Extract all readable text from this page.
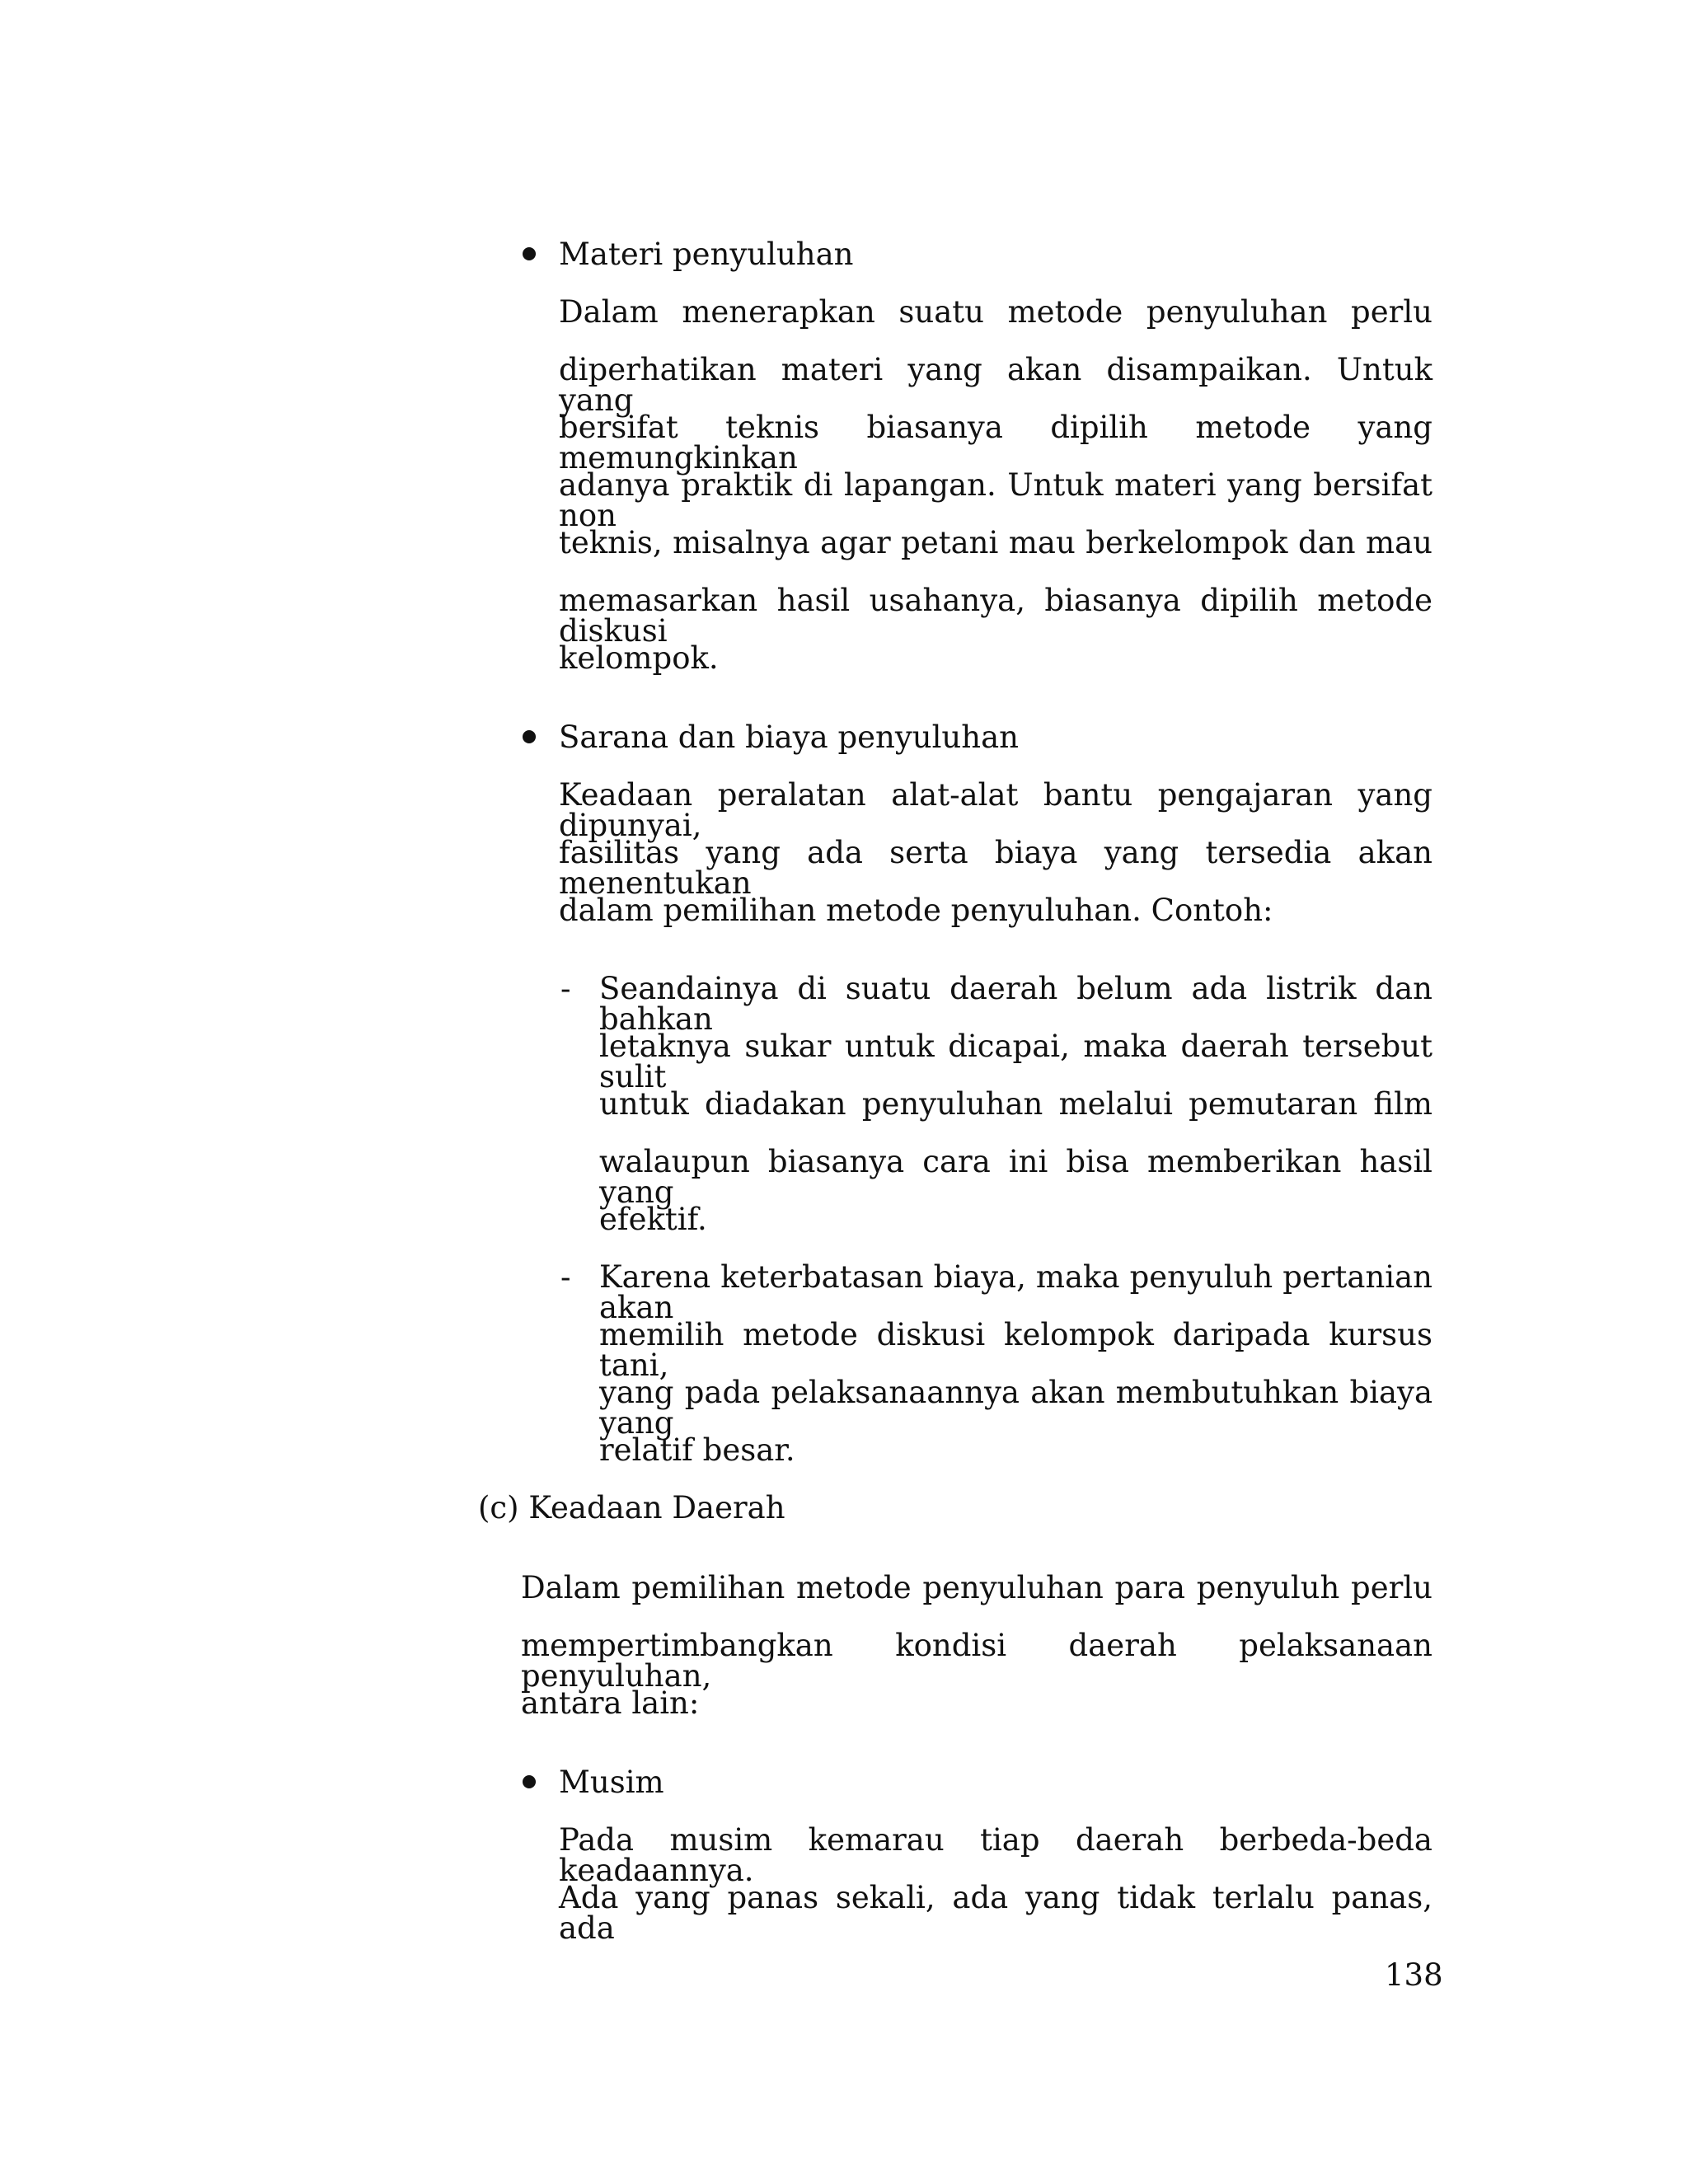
Materi penyuluhan
Dalam menerapkan suatu metode penyuluhan perlu
diperhatikan materi yang akan disampaikan. Untuk yang
bersifat teknis biasanya dipilih metode yang memungkinkan
adanya praktik di lapangan. Untuk materi yang bersifat non
teknis, misalnya agar petani mau berkelompok dan mau
memasarkan hasil usahanya, biasanya dipilih metode diskusi
kelompok.
Sarana dan biaya penyuluhan
Keadaan peralatan alat-alat bantu pengajaran yang dipunyai,
fasilitas yang ada serta biaya yang tersedia akan menentukan
dalam pemilihan metode penyuluhan. Contoh:
- Seandainya di suatu daerah belum ada listrik dan bahkan
letaknya sukar untuk dicapai, maka daerah tersebut sulit
untuk diadakan penyuluhan melalui pemutaran film
walaupun biasanya cara ini bisa memberikan hasil yang
efektif.
- Karena keterbatasan biaya, maka penyuluh pertanian akan
memilih metode diskusi kelompok daripada kursus tani,
yang pada pelaksanaannya akan membutuhkan biaya yang
relatif besar.
(c) Keadaan Daerah
Dalam pemilihan metode penyuluhan para penyuluh perlu
mempertimbangkan kondisi daerah pelaksanaan penyuluhan,
antara lain:
Musim
Pada musim kemarau tiap daerah berbeda-beda keadaannya.
Ada yang panas sekali, ada yang tidak terlalu panas, ada
138
